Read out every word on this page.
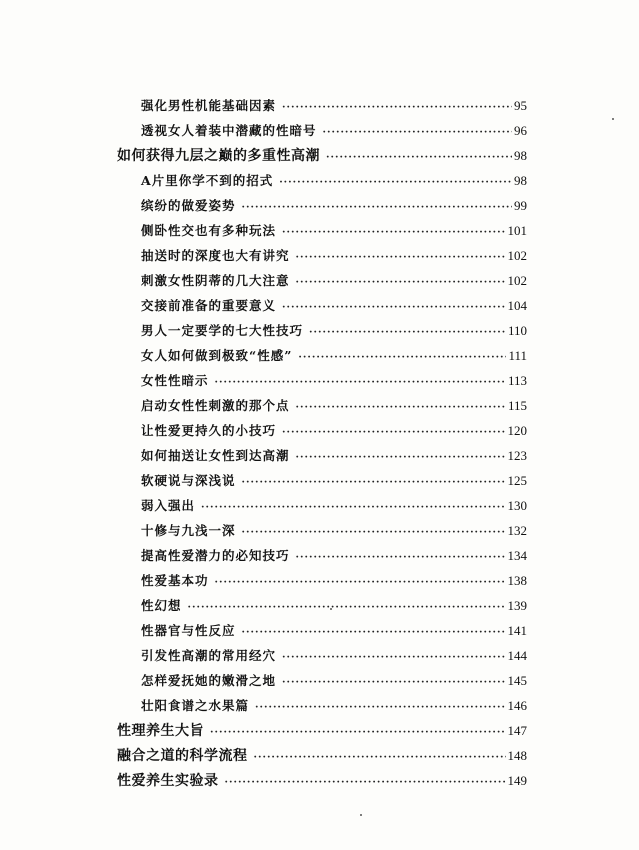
强化男性机能基础因素 ·····	95
透视女人着装中潜藏的性暗号 ·····	96
如何获得九层之巅的多重性高潮 ·····	98
A片里你学不到的招式 ·····	98
缤纷的做爱姿势 ·····	99
侧卧性交也有多种玩法 ·····	101
抽送时的深度也大有讲究 ·····	102
刺激女性阴蒂的几大注意 ·····	102
交接前准备的重要意义 ·····	104
男人一定要学的七大性技巧 ·····	110
女人如何做到极致“性感” ·····	111
女性性暗示 ·····	113
启动女性性刺激的那个点 ·····	115
让性爱更持久的小技巧 ·····	120
如何抽送让女性到达高潮 ·····	123
软硬说与深浅说 ·····	125
弱入强出 ·····	130
十修与九浅一深 ·····	132
提高性爱潜力的必知技巧 ·····	134
性爱基本功 ·····	138
性幻想 ·····	139
性器官与性反应 ·····	141
引发性高潮的常用经穴 ·····	144
怎样爱抚她的嫩滑之地 ·····	145
壮阳食谱之水果篇 ·····	146
性理养生大旨 ·····	147
融合之道的科学流程 ·····	148
性爱养生实验录 ·····	149
